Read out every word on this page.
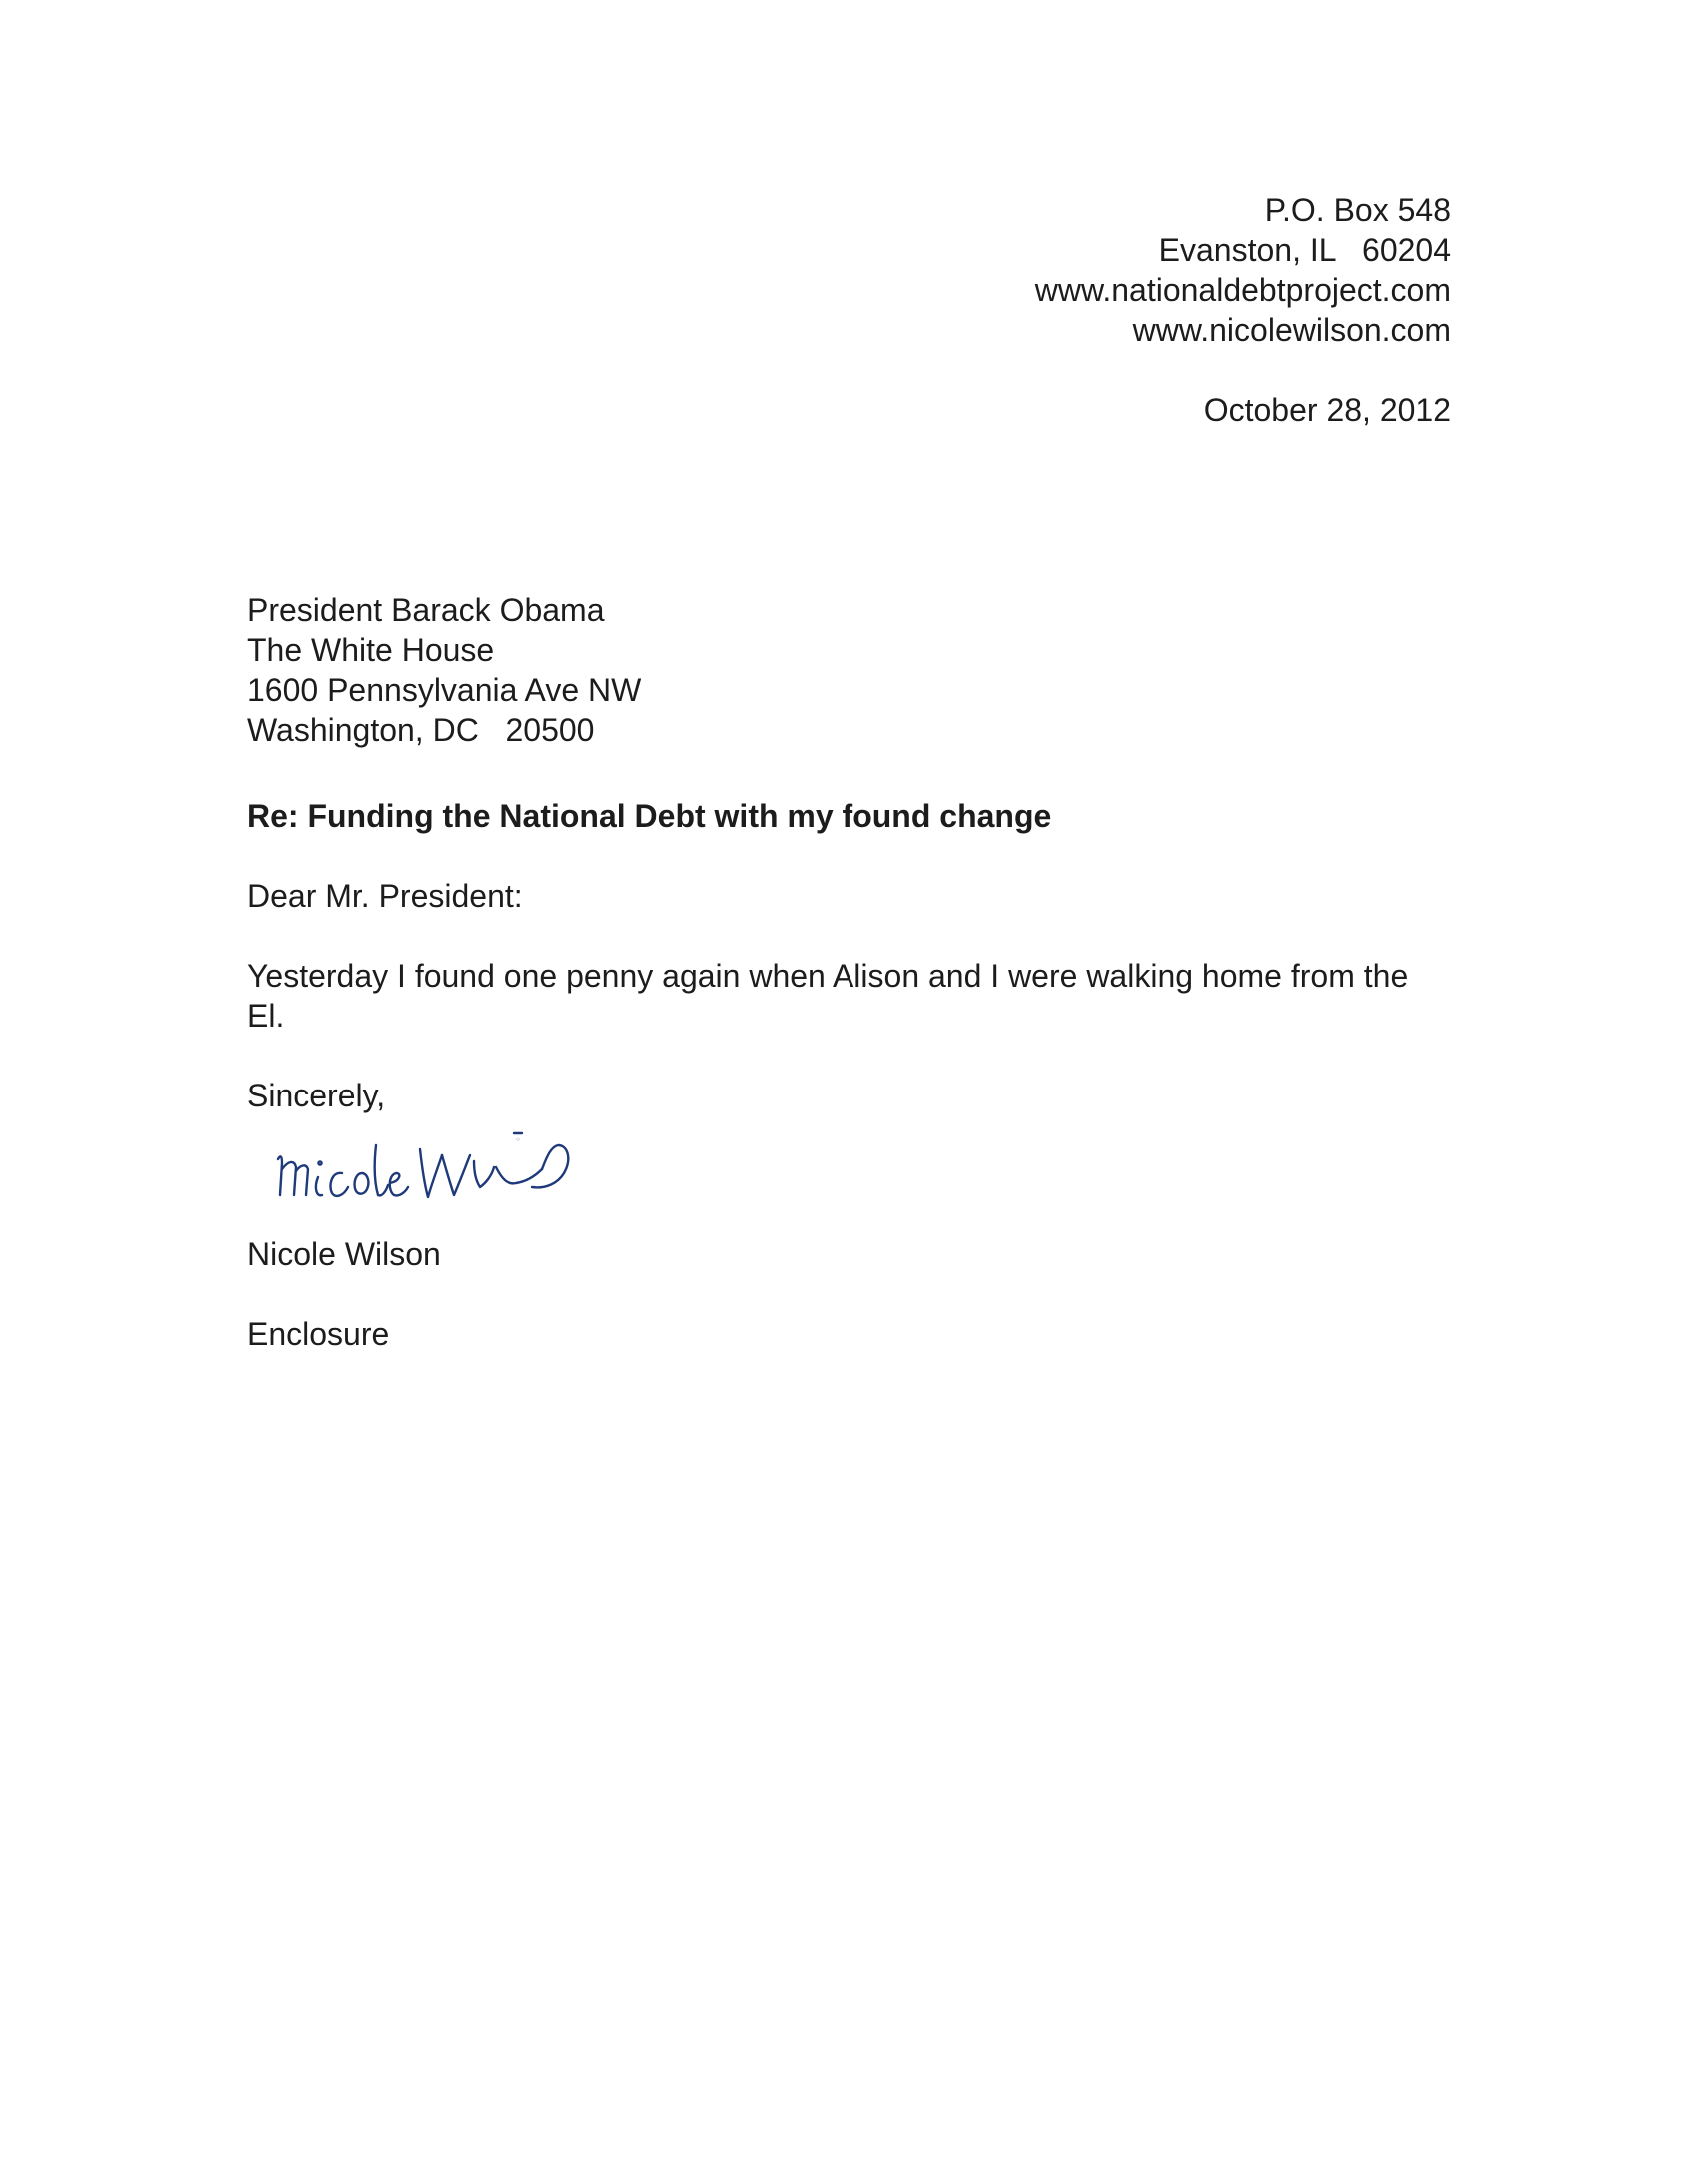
P.O. Box 548
Evanston, IL   60204
www.nationaldebtproject.com
www.nicolewilson.com
October 28, 2012
President Barack Obama
The White House
1600 Pennsylvania Ave NW
Washington, DC   20500
Re: Funding the National Debt with my found change
Dear Mr. President:
Yesterday I found one penny again when Alison and I were walking home from the El.
Sincerely,
Nicole Wilson
Enclosure
